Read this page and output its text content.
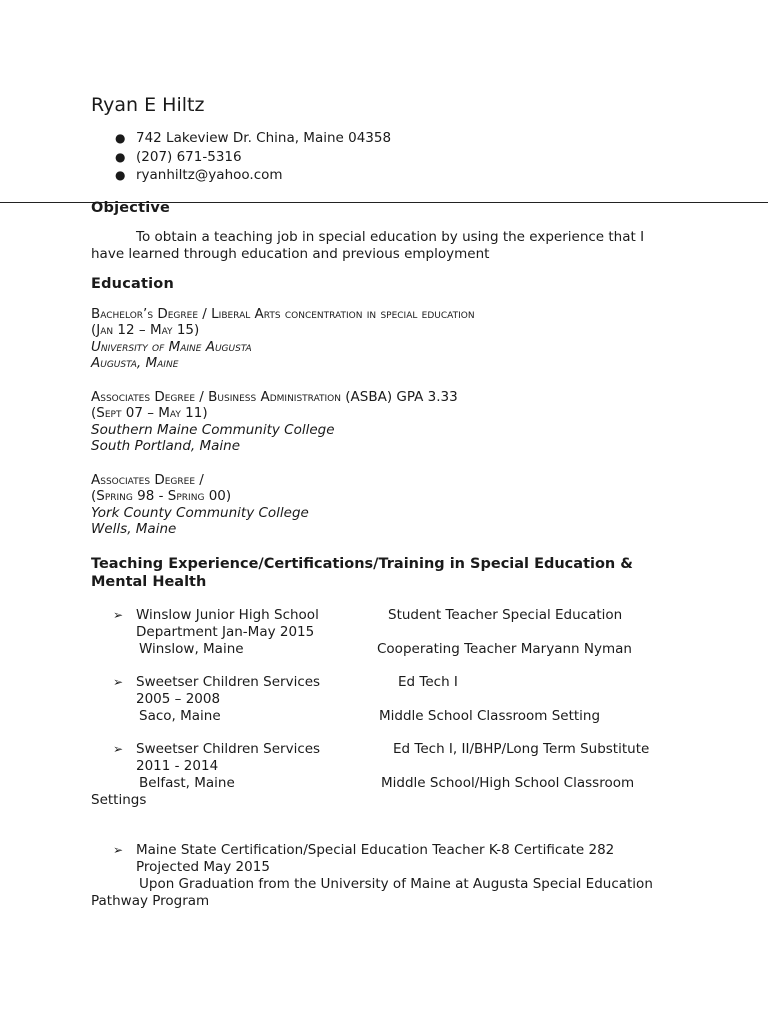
Ryan E Hiltz
● 742 Lakeview Dr. China, Maine 04358
● (207) 671-5316
● ryanhiltz@yahoo.com
Objective
To obtain a teaching job in special education by using the experience that I
have learned through education and previous employment
Education
Bachelor’s Degree / Liberal Arts concentration in special education
(Jan 12 – May 15)
University of Maine Augusta
Augusta, Maine
Associates Degree / Business Administration (ASBA) GPA 3.33
(Sept 07 – May 11)
Southern Maine Community College
South Portland, Maine
Associates Degree /
(Spring 98 - Spring 00)
York County Community College
Wells, Maine
Teaching Experience/Certifications/Training in Special Education & Mental Health
➢ Winslow Junior High School	Student Teacher Special Education
Department Jan-May 2015
Winslow, Maine	Cooperating Teacher Maryann Nyman
➢ Sweetser Children Services	Ed Tech I
2005 – 2008
Saco, Maine	Middle School Classroom Setting
➢ Sweetser Children Services	Ed Tech I, II/BHP/Long Term Substitute
2011 - 2014
Belfast, Maine	Middle School/High School Classroom
Settings
➢ Maine State Certification/Special Education Teacher K-8 Certificate 282
Projected May 2015
Upon Graduation from the University of Maine at Augusta Special Education
Pathway Program
